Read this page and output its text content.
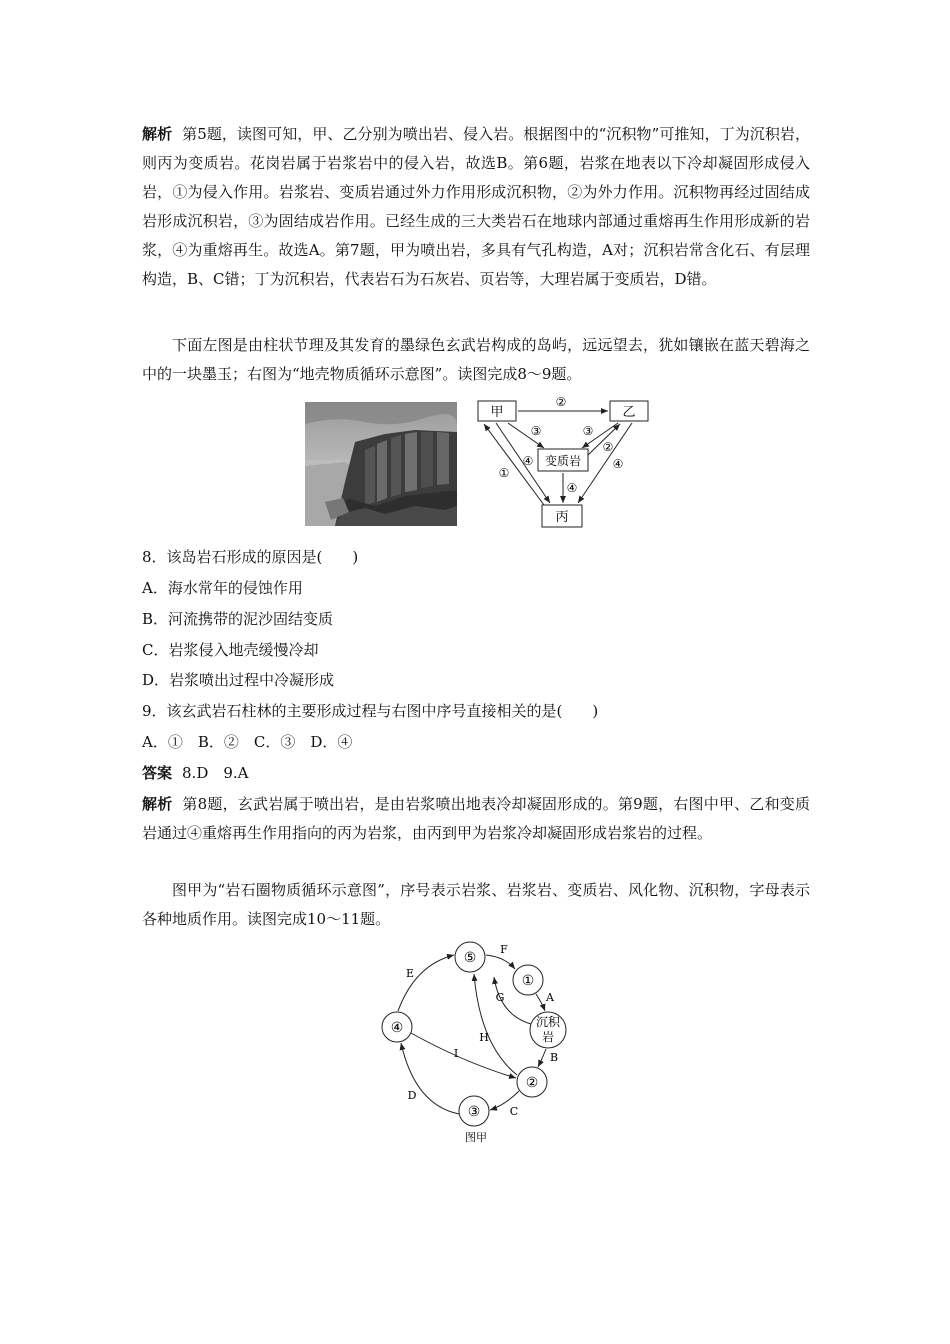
解析 第5题，读图可知，甲、乙分别为喷出岩、侵入岩。根据图中的“沉积物”可推知，丁为沉积岩，则丙为变质岩。花岗岩属于岩浆岩中的侵入岩，故选B。第6题，岩浆在地表以下冷却凝固形成侵入岩，①为侵入作用。岩浆岩、变质岩通过外力作用形成沉积物，②为外力作用。沉积物再经过固结成岩形成沉积岩，③为固结成岩作用。已经生成的三大类岩石在地球内部通过重熔再生作用形成新的岩浆，④为重熔再生。故选A。第7题，甲为喷出岩，多具有气孔构造，A对；沉积岩常含化石、有层理构造，B、C错；丁为沉积岩，代表岩石为石灰岩、页岩等，大理岩属于变质岩，D错。

下面左图是由柱状节理及其发育的墨绿色玄武岩构成的岛屿，远远望去，犹如镶嵌在蓝天碧海之中的一块墨玉；右图为“地壳物质循环示意图”。读图完成8～9题。

甲	乙
变质岩
丙
②
③	③
②
④	④
①
④
8．该岛岩石形成的原因是(　　)
A．海水常年的侵蚀作用
B．河流携带的泥沙固结变质
C．岩浆侵入地壳缓慢冷却
D．岩浆喷出过程中冷凝形成
9．该玄武岩石柱林的主要形成过程与右图中序号直接相关的是(　　)
A．①　B．②　C．③　D．④
答案 8.D　9.A

解析 第8题，玄武岩属于喷出岩，是由岩浆喷出地表冷却凝固形成的。第9题，右图中甲、乙和变质岩通过④重熔再生作用指向的丙为岩浆，由丙到甲为岩浆冷却凝固形成岩浆岩的过程。

图甲为“岩石圈物质循环示意图”，序号表示岩浆、岩浆岩、变质岩、风化物、沉积物，字母表示各种地质作用。读图完成10～11题。

⑤
①
沉积
岩
④
②
③
F
A
B
C
D
E
G
H
I
图甲
